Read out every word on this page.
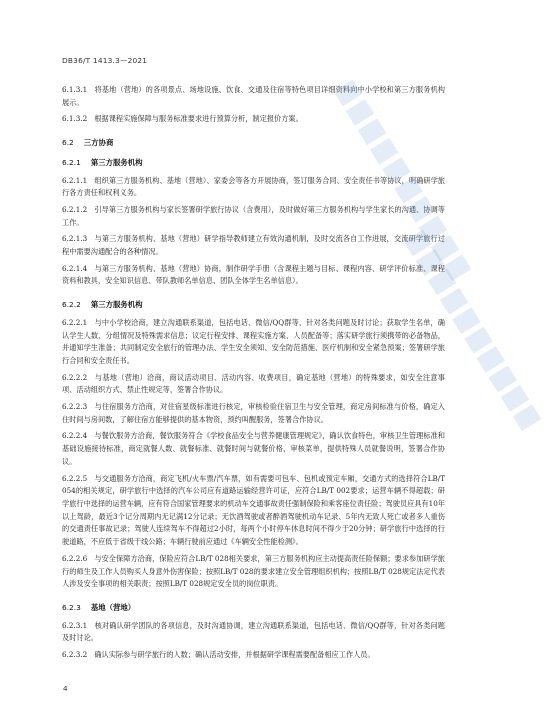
DB36/T 1413.3—2021

6.1.3.1　将基地（营地）的各项景点、场地设施、饮食、交通及住宿等特色项目详细资料向中小学校和第三方服务机构展示。

6.1.3.2　根据课程实施保障与服务标准要求进行预算分析，制定报价方案。

6.2 三方协商
6.2.1 第三方服务机构

6.2.1.1　组织第三方服务机构、基地（营地）、家委会等各方开展协商，签订服务合同、安全责任书等协议，明确研学旅行各方责任和权利义务。

6.2.1.2　引导第三方服务机构与家长签署研学旅行协议（含费用），及时做好第三方服务机构与学生家长的沟通、协调等工作。

6.2.1.3　与第三方服务机构、基地（营地）研学指导教师建立有效沟通机制，及时交流各自工作进展，交流研学旅行过程中需要沟通配合的各种情况。

6.2.1.4　与第三方服务机构、基地（营地）协商，制作研学手册（含课程主题与目标、课程内容、研学评价标准、课程资料和教具、安全知识信息、带队教师名单信息、团队全体学生名单信息）。

6.2.2 第三方服务机构

6.2.2.1　与中小学校洽商，建立沟通联系渠道，包括电话、微信/QQ群等，针对各类问题及时讨论；获取学生名单，确认学生人数、分组情况及特殊需求信息；议定行程安排、课程实施方案、人员配备等；落实研学旅行须携带的必备物品，并通知学生准备；共同制定安全旅行的管理办法、学生安全须知、安全防范措施、医疗机制和安全紧急预案；签署研学旅行合同和安全责任书。

6.2.2.2　与基地（营地）洽商，商议活动项目、活动内容、收费项目，确定基地（营地）的特殊要求，如安全注意事项、活动组织方式、禁止性规定等，签署合作协议。

6.2.2.3　与住宿服务方洽商，对住宿星级标准进行核定，审核检验住宿卫生与安全管理，商定房间标准与价格，确定入住时间与房间数，了解住宿方能够提供的基本物资，预约叫醒服务，签署合作协议。

6.2.2.4　与餐饮服务方洽商，餐饮服务符合《学校食品安全与营养健康管理规定》，确认饮食特色，审核卫生管理标准和基础设施接待标准，商定就餐人数、就餐标准、就餐时间与就餐价格，审核菜单，提供特殊人员就餐说明，签署合作协议。

6.2.2.5　与交通服务方洽商，商定飞机/火车票/汽车票，如有需要可包车、包机或预定车厢，交通方式的选择符合LB/T 054的相关规定，研学旅行中选择的汽车公司应有道路运输经营许可证，应符合LB/T 002要求；运营车辆不得超载；研学旅行中选择的运营车辆，应有符合国家管理要求的机动车交通事故责任强制保险和乘客座位责任险；驾驶员应具有10年以上驾龄，最近3个记分周期内无记满12分记录；无饮酒驾驶或者醉酒驾驶机动车记录、5年内无致人死亡或者多人重伤的交通责任事故记录；驾驶人连续驾车不得超过2小时，每两个小时停车休息时间不得少于20分钟；研学旅行中选择的行驶道路，不应低于省级干线公路；车辆行驶前应通过《车辆安全性能检测》。

6.2.2.6　与安全保障方洽商，保险应符合LB/T 028相关要求，第三方服务机构应主动提高责任险保额；要求参加研学旅行的师生及工作人员购买人身意外伤害保险；按照LB/T 028的要求建立安全管理组织机构；按照LB/T 028规定法定代表人涉及安全事项的相关职责；按照LB/T 028规定安全员的岗位职责。

6.2.3 基地（营地）

6.2.3.1　核对确认研学团队的各项信息，及时沟通协调，建立沟通联系渠道，包括电话、微信/QQ群等，针对各类问题及时讨论。

6.2.3.2　确认实际参与研学旅行的人数；确认活动安排，并根据研学课程需要配备相应工作人员。

4
▇▇▇▇▇▇▇▇▇▇
▇▇▇▇▇▇▇▇▇▇
